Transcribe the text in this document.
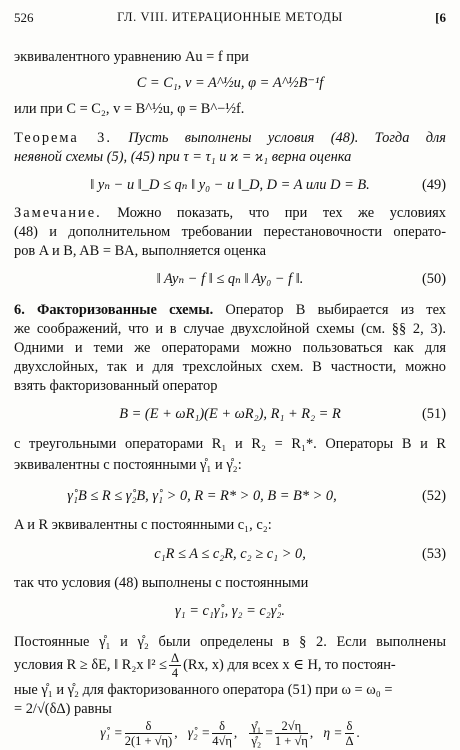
526	ГЛ. VIII. ИТЕРАЦИОННЫЕ МЕТОДЫ	[6
эквивалентного уравнению Au = f при
C = C₁, v = A^½u, φ = A^½B⁻¹f
или при C = C₂, v = B^½u, φ = B^−½f.
Теорема 3. Пусть выполнены условия (48). Тогда для
неявной схемы (5), (45) при τ = τ₁ и ϰ = ϰ₁ верна оценка
‖ yₙ − u ‖_D ≤ qₙ ‖ y₀ − u ‖_D, D = A или D = B.	(49)
Замечание. Можно показать, что при тех же условиях
(48) и дополнительном требовании перестановочности операто-
ров A и B, AB = BA, выполняется оценка
‖ Ayₙ − f ‖ ≤ qₙ ‖ Ay₀ − f ‖.	(50)
6. Факторизованные схемы. Оператор B выбирается из тех
же соображений, что и в случае двухслойной схемы (см. §§ 2, 3).
Одними и теми же операторами можно пользоваться как для
двухслойных, так и для трехслойных схем. В частности, можно
взять факторизованный оператор
B = (E + ωR₁)(E + ωR₂), R₁ + R₂ = R	(51)
с треугольными операторами R₁ и R₂ = R₁*. Операторы B и R
эквивалентны с постоянными γ̊₁ и γ̊₂:
γ̊₁B ≤ R ≤ γ̊₂B, γ̊₁ > 0, R = R* > 0, B = B* > 0,	(52)
A и R эквивалентны с постоянными c₁, c₂:
c₁R ≤ A ≤ c₂R, c₂ ≥ c₁ > 0,	(53)
так что условия (48) выполнены с постоянными
γ₁ = c₁γ̊₁, γ₂ = c₂γ̊₂.
Постоянные γ̊₁ и γ̊₂ были определены в § 2. Если выполнены
условия R ≥ δE, ‖ R₂x ‖² ≤ $\frac{\Delta}{4} (Rx$, x) для всех x ∈ H, то постоян-
ные γ̊₁ и γ̊₂ для факторизованного оператора (51) при ω = ω₀ =
= 2/√(δΔ) равны
γ̊₁ = $\frac{\delta}{2(1 + √\eta)}$ ,   γ̊₂ = $\frac{\delta}{4√\eta}$ , $\frac{\text{γ̊₁}}{\text{γ̊₂}} = \frac{2√\eta}{1 + √\eta}$ ,   $\eta = \frac{\delta}{\Delta}$ .
